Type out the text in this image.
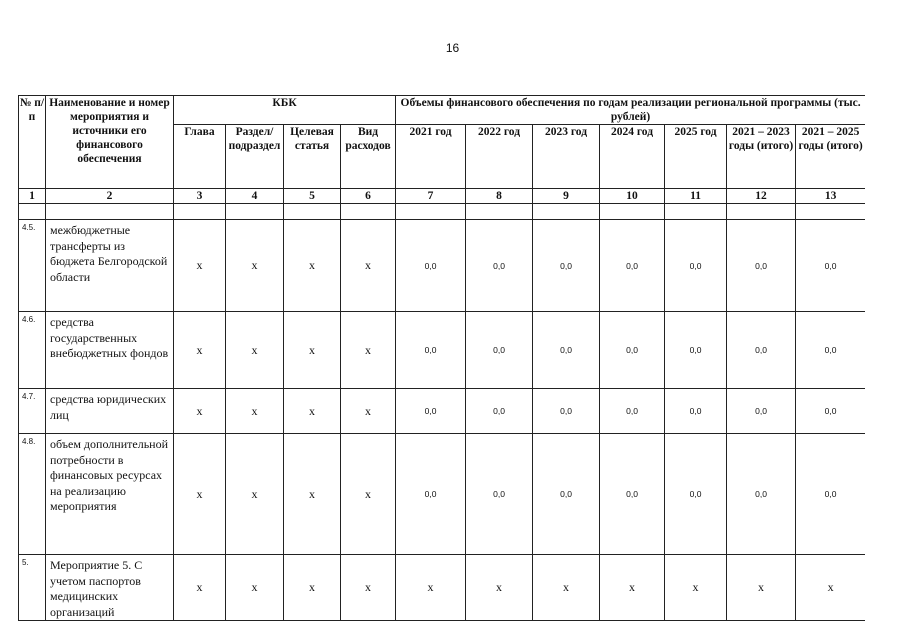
16
№ п/п	Наименование и номер мероприятия и источники его финансового обеспечения	КБК				Объемы финансового обеспечения по годам реализации региональной программы (тыс. рублей)						
		Глава	Раздел/ подраздел	Целевая статья	Вид расходов	2021 год	2022 год	2023 год	2024 год	2025 год	2021 – 2023 годы (итого)	2021 – 2025 годы (итого)
1	2	3	4	5	6	7	8	9	10	11	12	13

4.5.	межбюджетные трансферты из бюджета Белгородской области	х	х	х	х	0,0	0,0	0,0	0,0	0,0	0,0	0,0
4.6.	средства государственных внебюджетных фондов	х	х	х	х	0,0	0,0	0,0	0,0	0,0	0,0	0,0
4.7.	средства юридических лиц	х	х	х	х	0,0	0,0	0,0	0,0	0,0	0,0	0,0
4.8.	объем дополнительной потребности в финансовых ресурсах на реализацию мероприятия	х	х	х	х	0,0	0,0	0,0	0,0	0,0	0,0	0,0
5.	Мероприятие 5. С учетом паспортов медицинских организаций	х	х	х	х	х	х	х	х	х	х	х
